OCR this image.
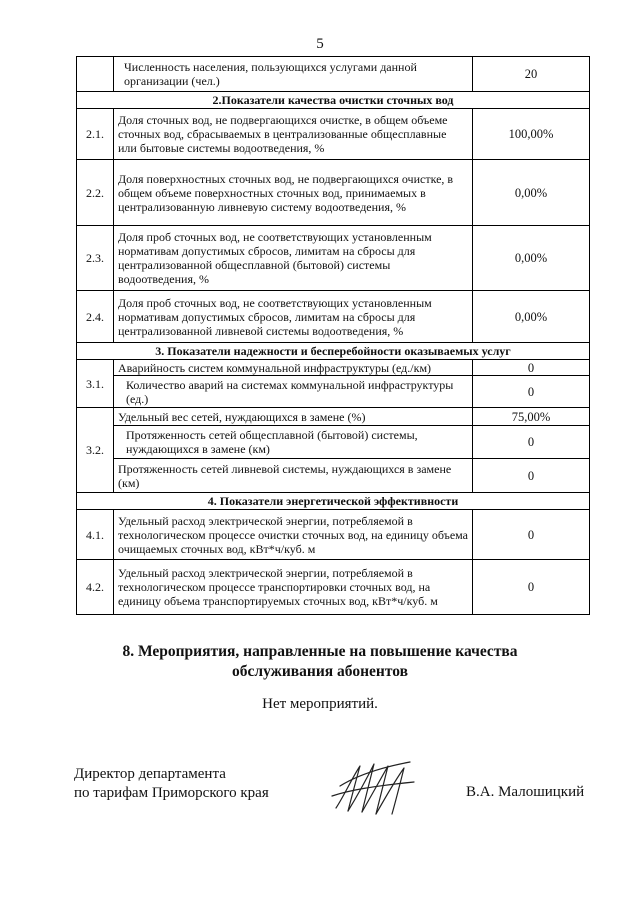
5
	Численность населения, пользующихся услугами данной организации (чел.)	20
2.Показатели качества очистки сточных вод		
2.1.	Доля сточных вод, не подвергающихся очистке, в общем объеме сточных вод, сбрасываемых в централизованные общесплавные или бытовые системы водоотведения, %	100,00%
2.2.	Доля поверхностных сточных вод, не подвергающихся очистке, в общем объеме поверхностных сточных вод, принимаемых в централизованную ливневую систему водоотведения, %	0,00%
2.3.	Доля проб сточных вод, не соответствующих установленным нормативам допустимых сбросов, лимитам на сбросы для централизованной общесплавной (бытовой) системы водоотведения, %	0,00%
2.4.	Доля проб сточных вод, не соответствующих установленным нормативам допустимых сбросов, лимитам на сбросы для централизованной ливневой системы водоотведения, %	0,00%
3. Показатели надежности и бесперебойности оказываемых услуг		
3.1.	Аварийность систем коммунальной инфраструктуры (ед./км)	0
	Количество аварий на системах коммунальной инфраструктуры (ед.)	0
3.2.	Удельный вес сетей, нуждающихся в замене (%)	75,00%
	Протяженность сетей общесплавной (бытовой) системы, нуждающихся в замене (км)	0
	Протяженность сетей ливневой системы, нуждающихся в замене (км)	0
4. Показатели энергетической эффективности		
4.1.	Удельный расход электрической энергии, потребляемой в технологическом процессе очистки сточных вод, на единицу объема очищаемых сточных вод, кВт*ч/куб. м	0
4.2.	Удельный расход электрической энергии, потребляемой в технологическом процессе транспортировки сточных вод, на единицу объема транспортируемых сточных вод, кВт*ч/куб. м	0
8. Мероприятия, направленные на повышение качества
обслуживания абонентов
Нет мероприятий.
Директор департамента
по тарифам Приморского края	В.А. Малошицкий
